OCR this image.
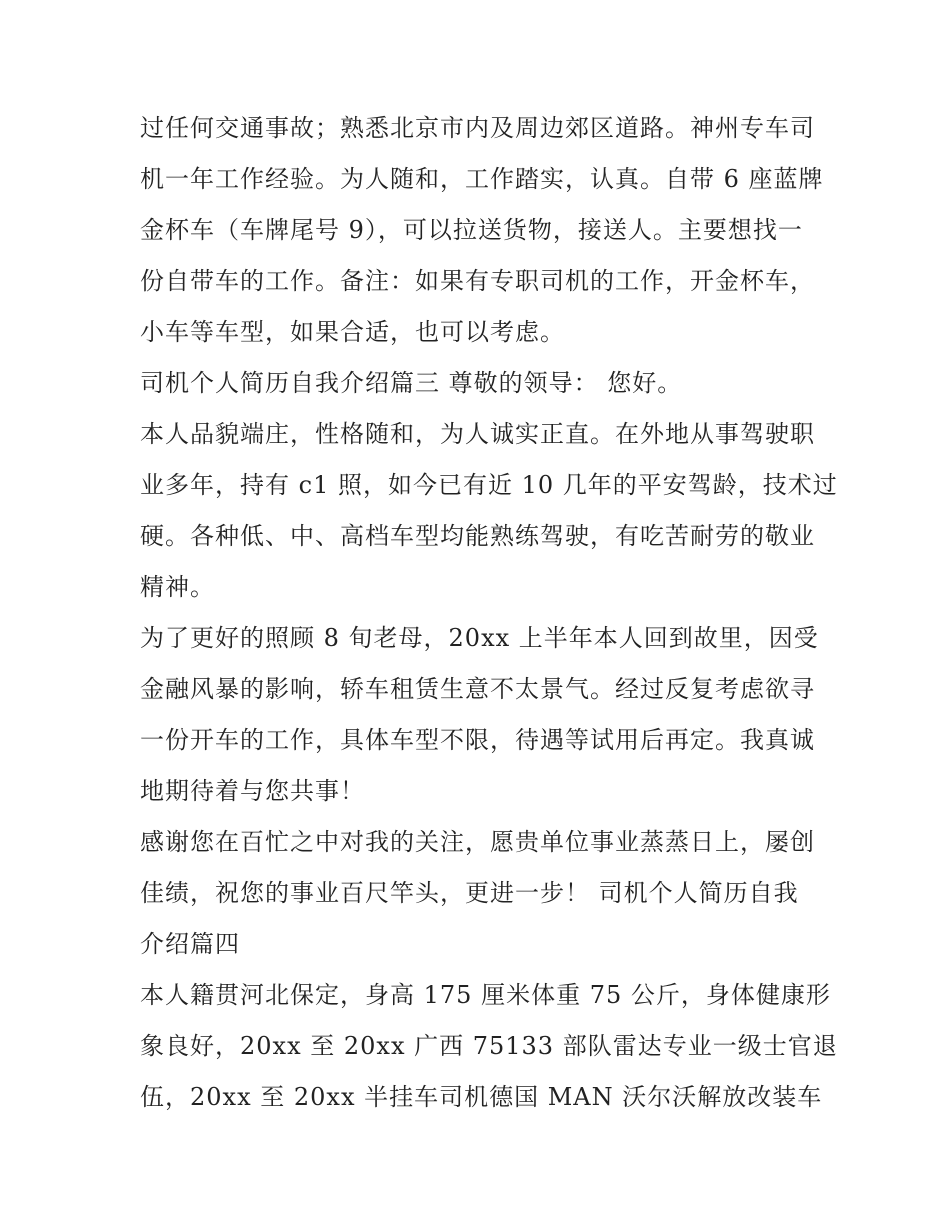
过任何交通事故；熟悉北京市内及周边郊区道路。神州专车司
机一年工作经验。为人随和，工作踏实，认真。自带 6 座蓝牌
金杯车（车牌尾号 9），可以拉送货物，接送人。主要想找一
份自带车的工作。备注：如果有专职司机的工作，开金杯车，
小车等车型，如果合适，也可以考虑。

司机个人简历自我介绍篇三 尊敬的领导： 您好。

本人品貌端庄，性格随和，为人诚实正直。在外地从事驾驶职
业多年，持有 c1 照，如今已有近 10 几年的平安驾龄，技术过
硬。各种低、中、高档车型均能熟练驾驶，有吃苦耐劳的敬业
精神。

为了更好的照顾 8 旬老母，20xx 上半年本人回到故里，因受
金融风暴的影响，轿车租赁生意不太景气。经过反复考虑欲寻
一份开车的工作，具体车型不限，待遇等试用后再定。我真诚
地期待着与您共事！

感谢您在百忙之中对我的关注，愿贵单位事业蒸蒸日上，屡创
佳绩，祝您的事业百尺竿头，更进一步！ 司机个人简历自我
介绍篇四

本人籍贯河北保定，身高 175 厘米体重 75 公斤，身体健康形
象良好，20xx 至 20xx 广西 75133 部队雷达专业一级士官退
伍，20xx 至 20xx 半挂车司机德国 MAN 沃尔沃解放改装车
